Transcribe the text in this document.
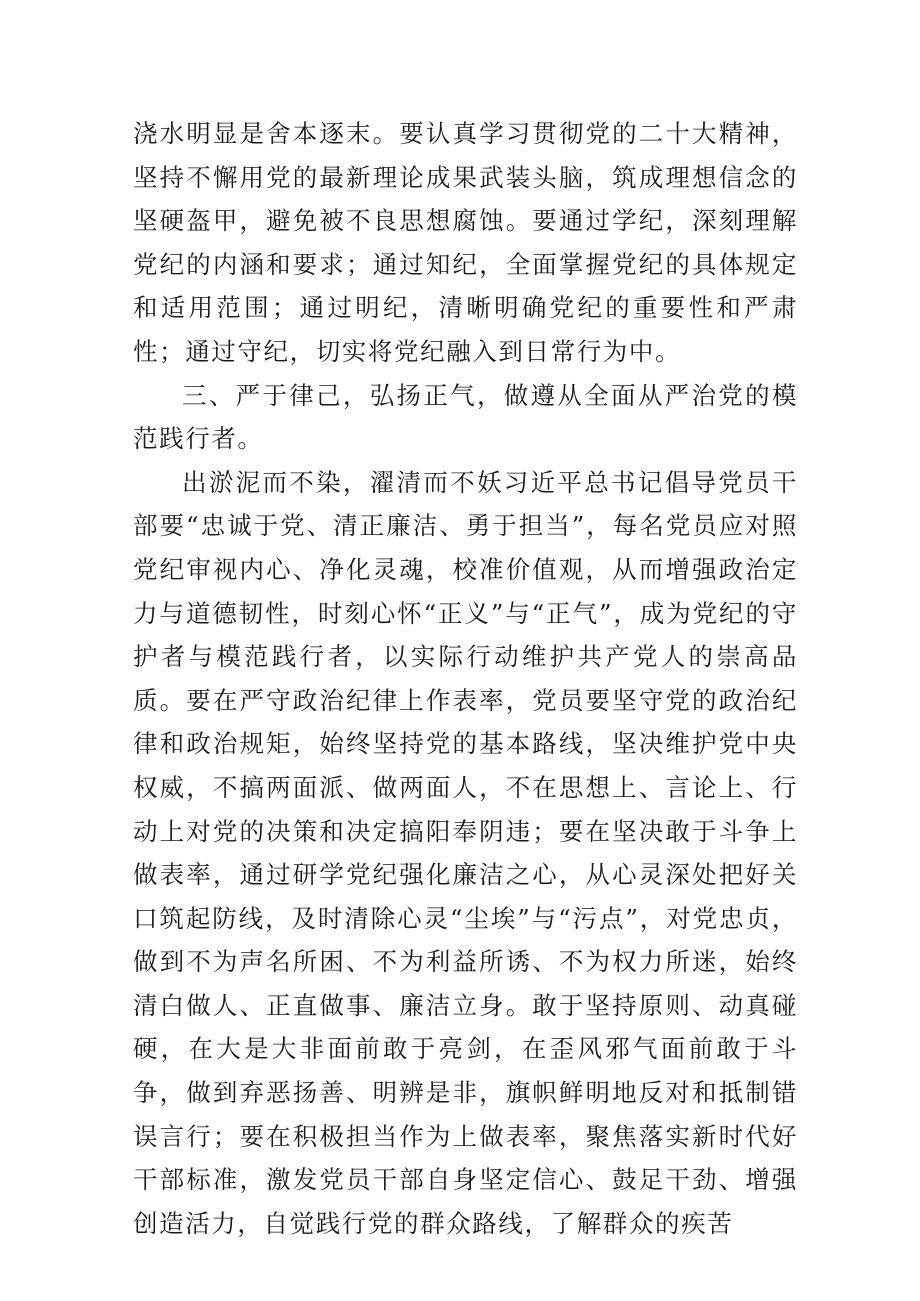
浇水明显是舍本逐末。要认真学习贯彻党的二十大精神，坚持不懈用党的最新理论成果武装头脑，筑成理想信念的坚硬盔甲，避免被不良思想腐蚀。要通过学纪，深刻理解党纪的内涵和要求；通过知纪，全面掌握党纪的具体规定和适用范围；通过明纪，清晰明确党纪的重要性和严肃性；通过守纪，切实将党纪融入到日常行为中。

三、严于律己，弘扬正气，做遵从全面从严治党的模范践行者。

出淤泥而不染，濯清而不妖习近平总书记倡导党员干部要“忠诚于党、清正廉洁、勇于担当”，每名党员应对照党纪审视内心、净化灵魂，校准价值观，从而增强政治定力与道德韧性，时刻心怀“正义”与“正气”，成为党纪的守护者与模范践行者，以实际行动维护共产党人的崇高品质。要在严守政治纪律上作表率，党员要坚守党的政治纪律和政治规矩，始终坚持党的基本路线，坚决维护党中央权威，不搞两面派、做两面人，不在思想上、言论上、行动上对党的决策和决定搞阳奉阴违；要在坚决敢于斗争上做表率，通过研学党纪强化廉洁之心，从心灵深处把好关口筑起防线，及时清除心灵“尘埃”与“污点”，对党忠贞，做到不为声名所困、不为利益所诱、不为权力所迷，始终清白做人、正直做事、廉洁立身。敢于坚持原则、动真碰硬，在大是大非面前敢于亮剑，在歪风邪气面前敢于斗争，做到弃恶扬善、明辨是非，旗帜鲜明地反对和抵制错误言行；要在积极担当作为上做表率，聚焦落实新时代好干部标准，激发党员干部自身坚定信心、鼓足干劲、增强创造活力，自觉践行党的群众路线，了解群众的疾苦
